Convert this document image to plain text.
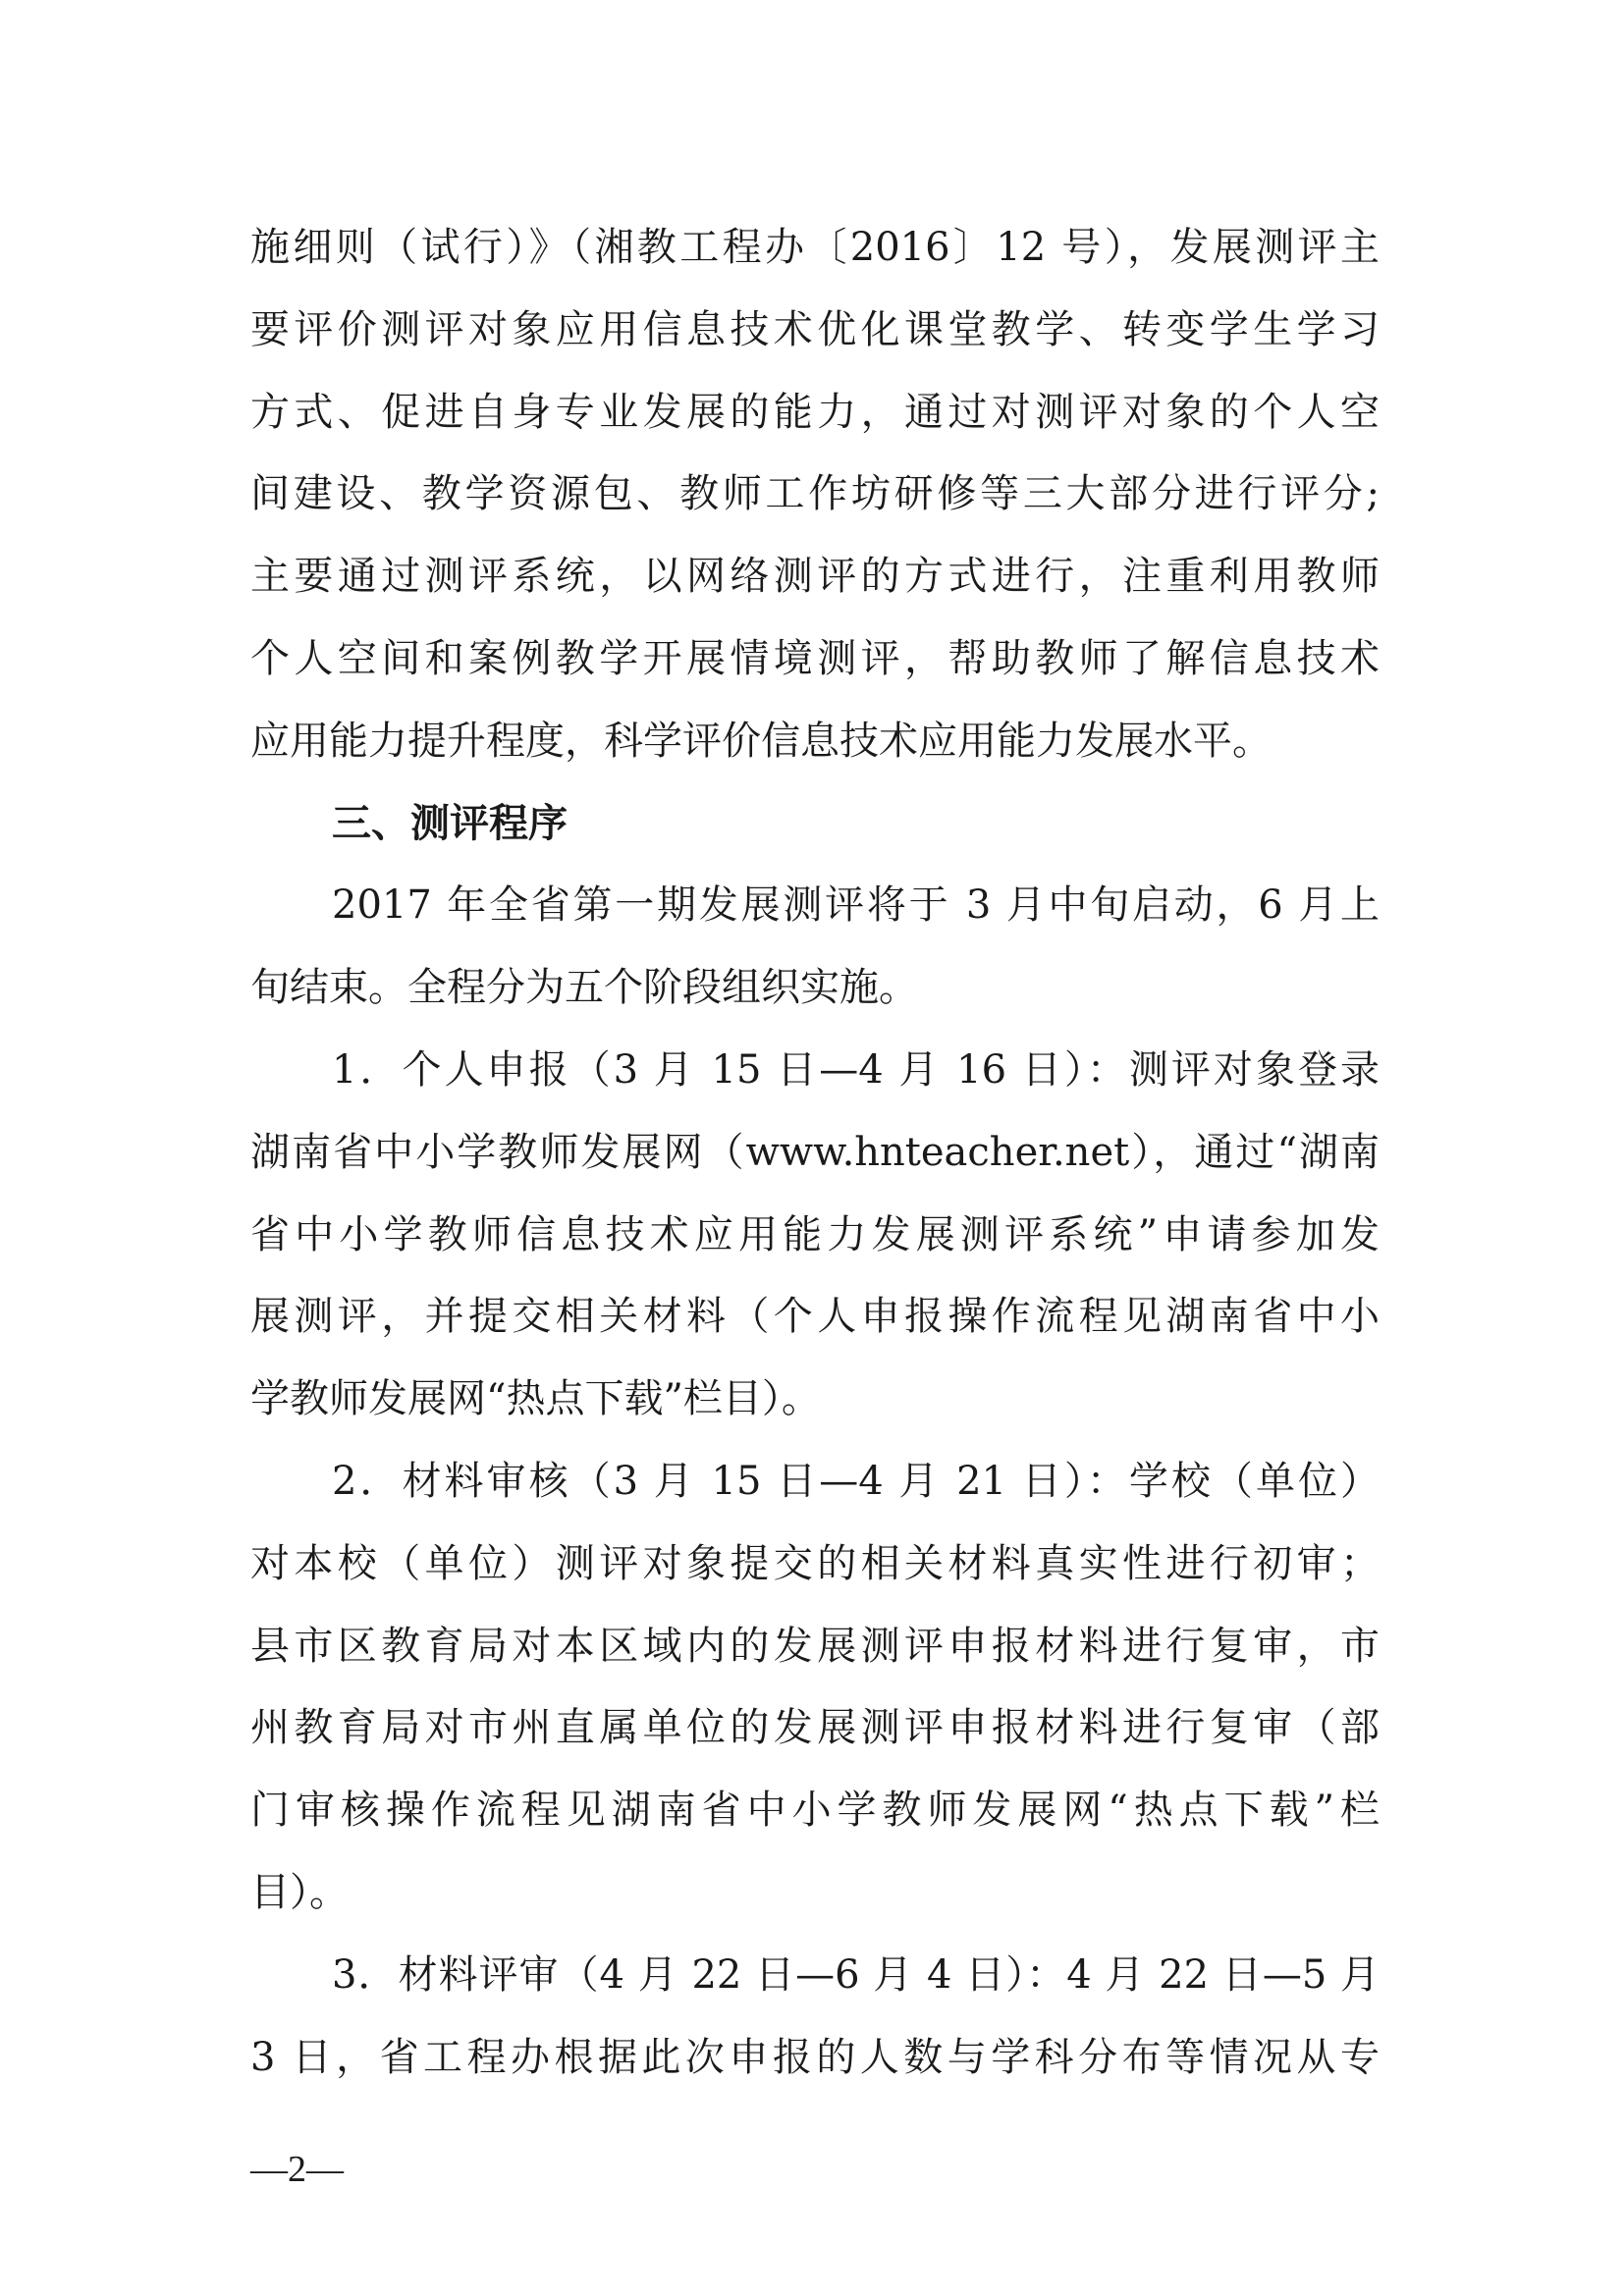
施细则（试行）》（湘教工程办〔2016〕12 号），发展测评主
要评价测评对象应用信息技术优化课堂教学、转变学生学习
方式、促进自身专业发展的能力，通过对测评对象的个人空
间建设、教学资源包、教师工作坊研修等三大部分进行评分;
主要通过测评系统，以网络测评的方式进行，注重利用教师
个人空间和案例教学开展情境测评，帮助教师了解信息技术
应用能力提升程度，科学评价信息技术应用能力发展水平。
三、测评程序
2017 年全省第一期发展测评将于 3 月中旬启动，6 月上
旬结束。全程分为五个阶段组织实施。
1．个人申报（3 月 15 日—4 月 16 日）：测评对象登录
湖南省中小学教师发展网（www.hnteacher.net），通过“湖南
省中小学教师信息技术应用能力发展测评系统”申请参加发
展测评，并提交相关材料（个人申报操作流程见湖南省中小
学教师发展网“热点下载”栏目）。
2．材料审核（3 月 15 日—4 月 21 日）：学校（单位）
对本校（单位）测评对象提交的相关材料真实性进行初审；
县市区教育局对本区域内的发展测评申报材料进行复审，市
州教育局对市州直属单位的发展测评申报材料进行复审（部
门审核操作流程见湖南省中小学教师发展网“热点下载”栏
目）。
3．材料评审（4 月 22 日—6 月 4 日）：4 月 22 日—5 月
3 日，省工程办根据此次申报的人数与学科分布等情况从专
—2—
